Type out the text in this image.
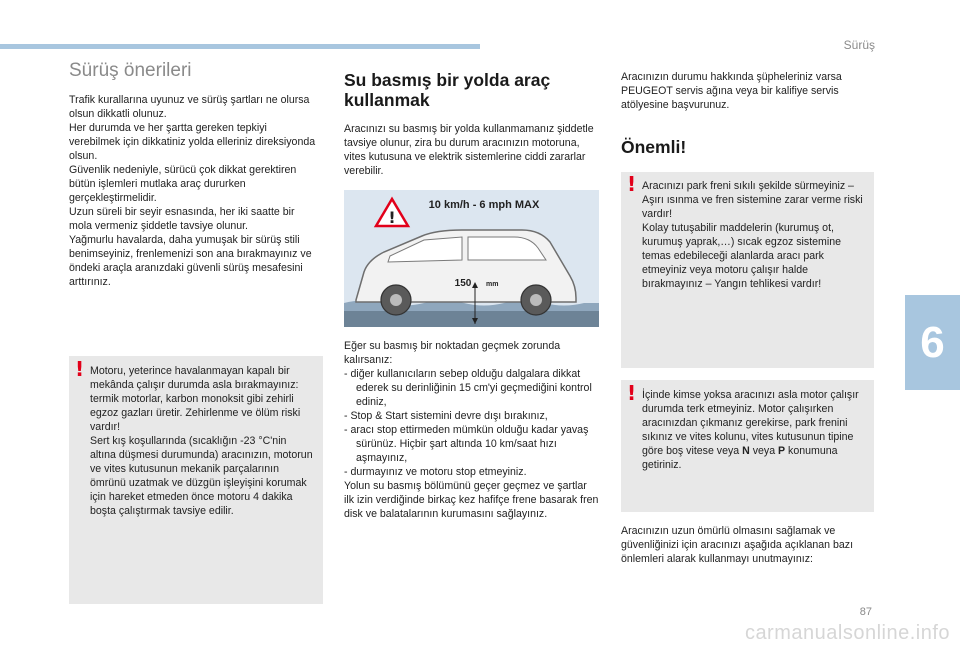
Sürüş
6
87
carmanualsonline.info
Sürüş önerileri

Trafik kurallarına uyunuz ve sürüş şartları ne olursa olsun dikkatli olunuz.

Her durumda ve her şartta gereken tepkiyi verebilmek için dikkatiniz yolda elleriniz direksiyonda olsun.

Güvenlik nedeniyle, sürücü çok dikkat gerektiren bütün işlemleri mutlaka araç dururken gerçekleştirmelidir.

Uzun süreli bir seyir esnasında, her iki saatte bir mola vermeniz şiddetle tavsiye olunur.

Yağmurlu havalarda, daha yumuşak bir sürüş stili benimseyiniz, frenlemenizi son ana bırakmayınız ve öndeki araçla aranızdaki güvenli sürüş mesafesini arttırınız.

! Motoru, yeterince havalanmayan kapalı bir mekânda çalışır durumda asla bırakmayınız: termik motorlar, karbon monoksit gibi zehirli egzoz gazları üretir. Zehirlenme ve ölüm riski vardır!

Sert kış koşullarında (sıcaklığın -23 °C'nin altına düşmesi durumunda) aracınızın, motorun ve vites kutusunun mekanik parçalarının ömrünü uzatmak ve düzgün işleyişini korumak için hareket etmeden önce motoru 4 dakika boşta çalıştırmak tavsiye edilir.

Su basmış bir yolda araç kullanmak

Aracınızı su basmış bir yolda kullanmamanız şiddetle tavsiye olunur, zira bu durum aracınızın motoruna, vites kutusuna ve elektrik sistemlerine ciddi zararlar verebilir.

150 mm
!
10 km/h - 6 mph MAX

Eğer su basmış bir noktadan geçmek zorunda kalırsanız:

- diğer kullanıcıların sebep olduğu dalgalara dikkat ederek su derinliğinin 15 cm'yi geçmediğini kontrol ediniz,

- Stop & Start sistemini devre dışı bırakınız,

- aracı stop ettirmeden mümkün olduğu kadar yavaş sürünüz. Hiçbir şart altında 10 km/saat hızı aşmayınız,

- durmayınız ve motoru stop etmeyiniz.

Yolun su basmış bölümünü geçer geçmez ve şartlar ilk izin verdiğinde birkaç kez hafifçe frene basarak fren disk ve balatalarının kurumasını sağlayınız.

Aracınızın durumu hakkında şüpheleriniz varsa PEUGEOT servis ağına veya bir kalifiye servis atölyesine başvurunuz.

Önemli!
! Aracınızı park freni sıkılı şekilde sürmeyiniz – Aşırı ısınma ve fren sistemine zarar verme riski vardır!

Kolay tutuşabilir maddelerin (kurumuş ot, kurumuş yaprak,…) sıcak egzoz sistemine temas edebileceği alanlarda aracı park etmeyiniz veya motoru çalışır halde bırakmayınız – Yangın tehlikesi vardır!

! İçinde kimse yoksa aracınızı asla motor çalışır durumda terk etmeyiniz. Motor çalışırken aracınızdan çıkmanız gerekirse, park frenini sıkınız ve vites kolunu, vites kutusunun tipine göre boş vitese veya N veya P konumuna getiriniz.

Aracınızın uzun ömürlü olmasını sağlamak ve güvenliğinizi için aracınızı aşağıda açıklanan bazı önlemleri alarak kullanmayı unutmayınız:
